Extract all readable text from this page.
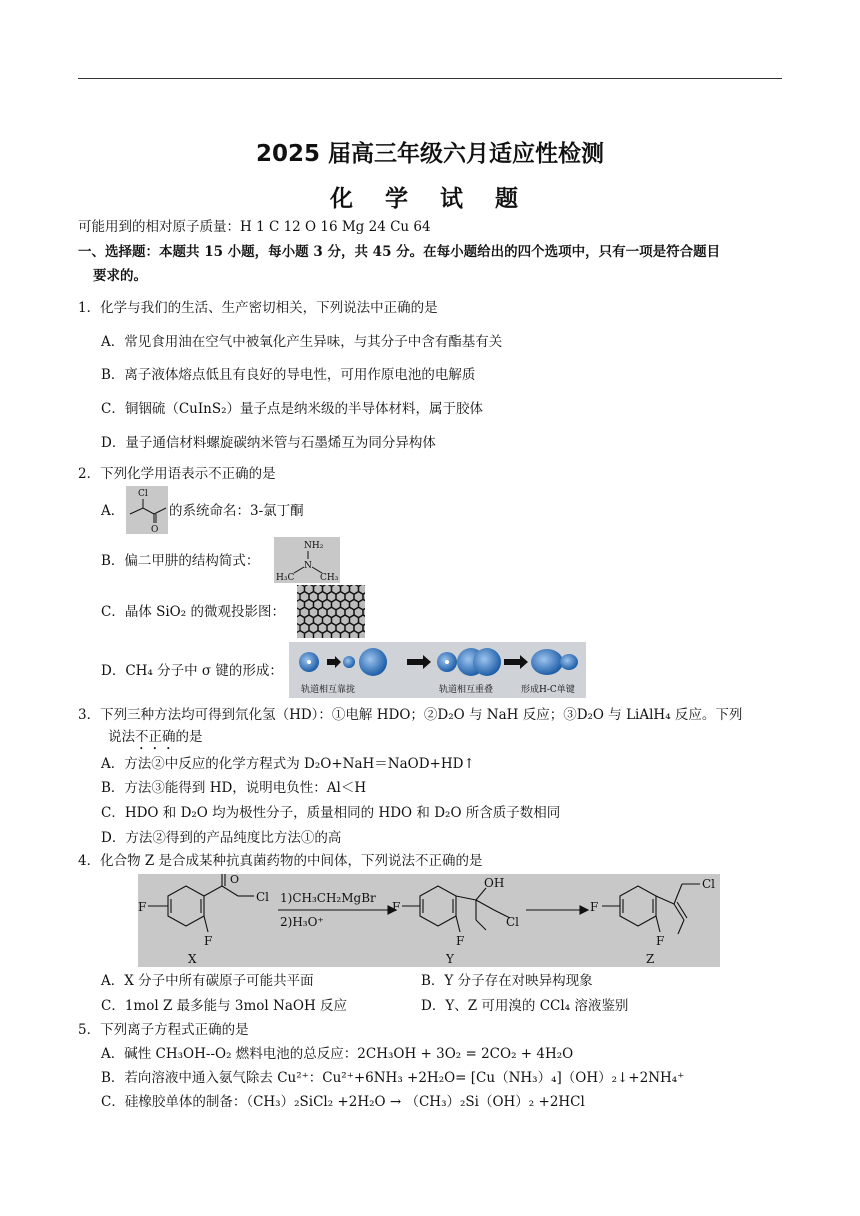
2025 届高三年级六月适应性检测
化 学 试 题
可能用到的相对原子质量：H 1 C 12 O 16 Mg 24 Cu 64
一、选择题：本题共 15 小题，每小题 3 分，共 45 分。在每小题给出的四个选项中，只有一项是符合题目
要求的。
1．化学与我们的生活、生产密切相关，下列说法中正确的是
A．常见食用油在空气中被氧化产生异味，与其分子中含有酯基有关
B．离子液体熔点低且有良好的导电性，可用作原电池的电解质
C．铜铟硫（CuInS₂）量子点是纳米级的半导体材料，属于胶体
D．量子通信材料螺旋碳纳米管与石墨烯互为同分异构体
2．下列化学用语表示不正确的是
A．
Cl
O
的系统命名：3-氯丁酮
B．偏二甲肼的结构简式：
NH₂
N
H₃C	CH₃
C．晶体 SiO₂ 的微观投影图：
D．CH₄ 分子中 σ 键的形成：
轨道相互靠拢	轨道相互重叠	形成H-C单键
3．下列三种方法均可得到氘化氢（HD）：①电解 HDO；②D₂O 与 NaH 反应；③D₂O 与 LiAlH₄ 反应。下列
说法不正确的是
A．方法②中反应的化学方程式为 D₂O+NaH＝NaOD+HD↑
B．方法③能得到 HD，说明电负性：Al＜H
C．HDO 和 D₂O 均为极性分子，质量相同的 HDO 和 D₂O 所含质子数相同
D．方法②得到的产品纯度比方法①的高
4．化合物 Z 是合成某种抗真菌药物的中间体，下列说法不正确的是
F
F
O
Cl 1)CH₃CH₂MgBr
2)H₃O⁺
F
F
OH
Cl
F
F
Cl
X	Y	Z
A．X 分子中所有碳原子可能共平面	B．Y 分子存在对映异构现象
C．1mol Z 最多能与 3mol NaOH 反应	D．Y、Z 可用溴的 CCl₄ 溶液鉴别
5．下列离子方程式正确的是
A．碱性 CH₃OH--O₂ 燃料电池的总反应：2CH₃OH + 3O₂ = 2CO₂ + 4H₂O
B．若向溶液中通入氨气除去 Cu²⁺：Cu²⁺+6NH₃ +2H₂O= [Cu（NH₃）₄]（OH）₂↓+2NH₄⁺
C．硅橡胶单体的制备：（CH₃）₂SiCl₂ +2H₂O → （CH₃）₂Si（OH）₂ +2HCl
